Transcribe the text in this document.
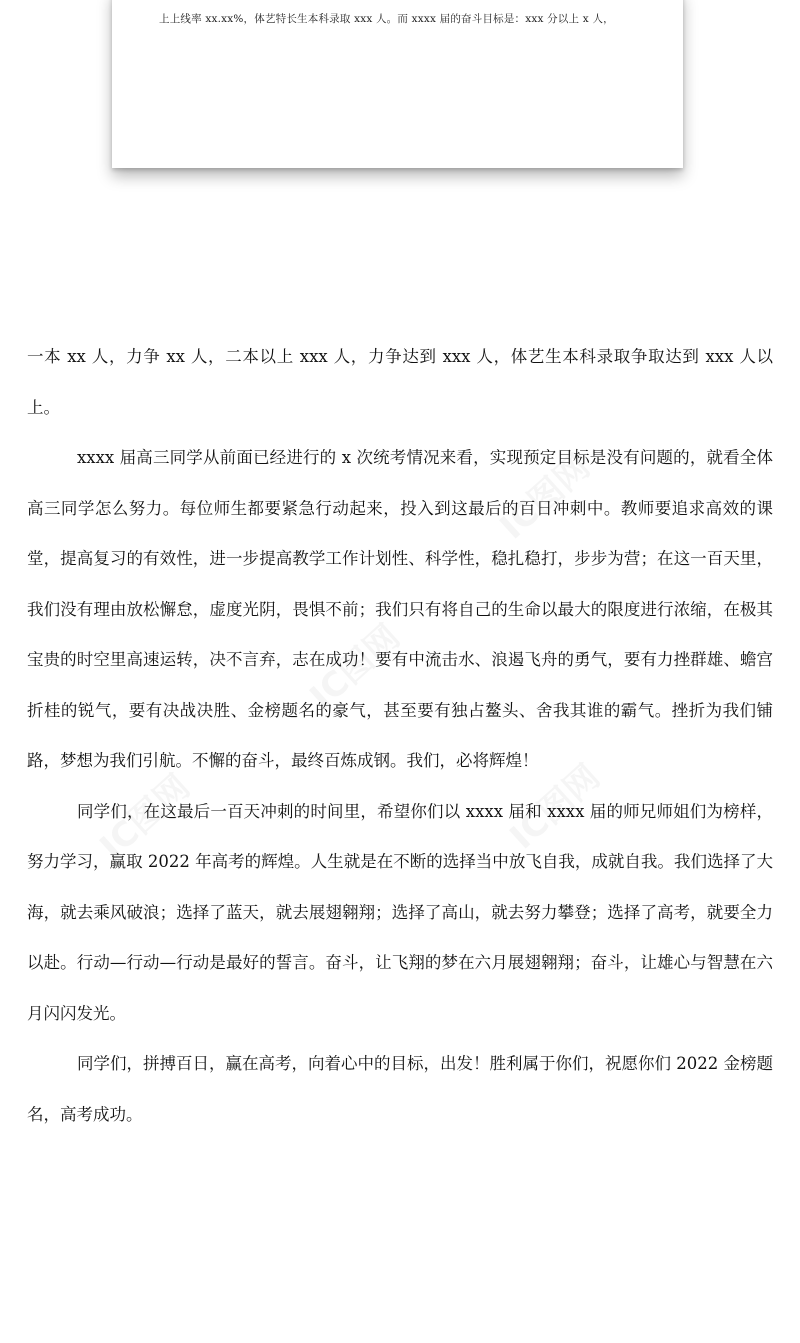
IC图网
IC图网
IC图网	IC图网
上上线率 xx.xx%，体艺特长生本科录取 xxx 人。而 xxxx 届的奋斗目标是：xxx 分以上 x 人，

一本 xx 人，力争 xx 人，二本以上 xxx 人，力争达到 xxx 人，体艺生本科录取争取达到 xxx 人以上。

xxxx 届高三同学从前面已经进行的 x 次统考情况来看，实现预定目标是没有问题的，就看全体高三同学怎么努力。每位师生都要紧急行动起来，投入到这最后的百日冲刺中。教师要追求高效的课堂，提高复习的有效性，进一步提高教学工作计划性、科学性，稳扎稳打，步步为营；在这一百天里，我们没有理由放松懈怠，虚度光阴，畏惧不前；我们只有将自己的生命以最大的限度进行浓缩，在极其宝贵的时空里高速运转，决不言弃，志在成功！要有中流击水、浪遏飞舟的勇气，要有力挫群雄、蟾宫折桂的锐气，要有决战决胜、金榜题名的豪气，甚至要有独占鳌头、舍我其谁的霸气。挫折为我们铺路，梦想为我们引航。不懈的奋斗，最终百炼成钢。我们，必将辉煌！

同学们，在这最后一百天冲刺的时间里，希望你们以 xxxx 届和 xxxx 届的师兄师姐们为榜样，努力学习，赢取 2022 年高考的辉煌。人生就是在不断的选择当中放飞自我，成就自我。我们选择了大海，就去乘风破浪；选择了蓝天，就去展翅翱翔；选择了高山，就去努力攀登；选择了高考，就要全力以赴。行动—行动—行动是最好的誓言。奋斗，让飞翔的梦在六月展翅翱翔；奋斗，让雄心与智慧在六月闪闪发光。

同学们，拼搏百日，赢在高考，向着心中的目标，出发！胜利属于你们，祝愿你们 2022 金榜题名，高考成功。
